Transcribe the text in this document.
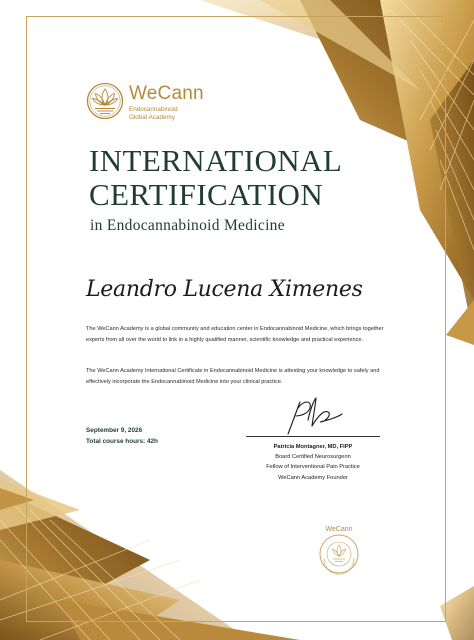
WeCann
Endocannabinoid
Global Academy
INTERNATIONAL
CERTIFICATION
in Endocannabinoid Medicine
Leandro Lucena Ximenes

The WeCann Academy is a global community and education center in Endocannabinoid Medicine, which brings together experts from all over the world to link in a highly qualified manner, scientific knowledge and practical experience.

The WeCann Academy International Certificate in Endocannabinoid Medicine is attesting your knowledge to safely and effectively incorporate the Endocannabinoid Medicine into your clinical practice.

September 9, 2026
Total course hours: 42h
Patricia Montagner, MD, FIPP
Board Certified Neurosurgeon
Fellow of Interventional Pain Practice
WeCann Academy Founder
WeCann
ndocannabinoid Global Academ
